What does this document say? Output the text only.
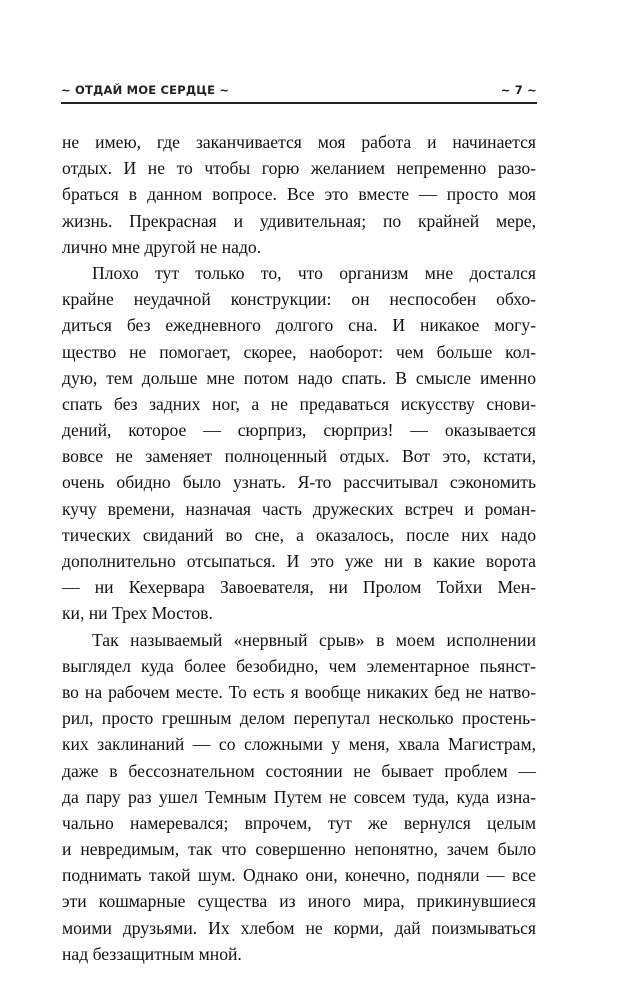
~ ОТДАЙ МОЕ СЕРДЦЕ ~	~ 7 ~
не имею, где заканчивается моя работа и начинается
отдых. И не то чтобы горю желанием непременно разо-
браться в данном вопросе. Все это вместе — просто моя
жизнь. Прекрасная и удивительная; по крайней мере,
лично мне другой не надо.
Плохо тут только то, что организм мне достался
крайне неудачной конструкции: он неспособен обхо-
диться без ежедневного долгого сна. И никакое могу-
щество не помогает, скорее, наоборот: чем больше кол-
дую, тем дольше мне потом надо спать. В смысле именно
спать без задних ног, а не предаваться искусству снови-
дений, которое — сюрприз, сюрприз! — оказывается
вовсе не заменяет полноценный отдых. Вот это, кстати,
очень обидно было узнать. Я-то рассчитывал сэкономить
кучу времени, назначая часть дружеских встреч и роман-
тических свиданий во сне, а оказалось, после них надо
дополнительно отсыпаться. И это уже ни в какие ворота
— ни Кехервара Завоевателя, ни Пролом Тойхи Мен-
ки, ни Трех Мостов.
Так называемый «нервный срыв» в моем исполнении
выглядел куда более безобидно, чем элементарное пьянст-
во на рабочем месте. То есть я вообще никаких бед не натво-
рил, просто грешным делом перепутал несколько простень-
ких заклинаний — со сложными у меня, хвала Магистрам,
даже в бессознательном состоянии не бывает проблем —
да пару раз ушел Темным Путем не совсем туда, куда изна-
чально намеревался; впрочем, тут же вернулся целым
и невредимым, так что совершенно непонятно, зачем было
поднимать такой шум. Однако они, конечно, подняли — все
эти кошмарные существа из иного мира, прикинувшиеся
моими друзьями. Их хлебом не корми, дай поизмываться
над беззащитным мной.
